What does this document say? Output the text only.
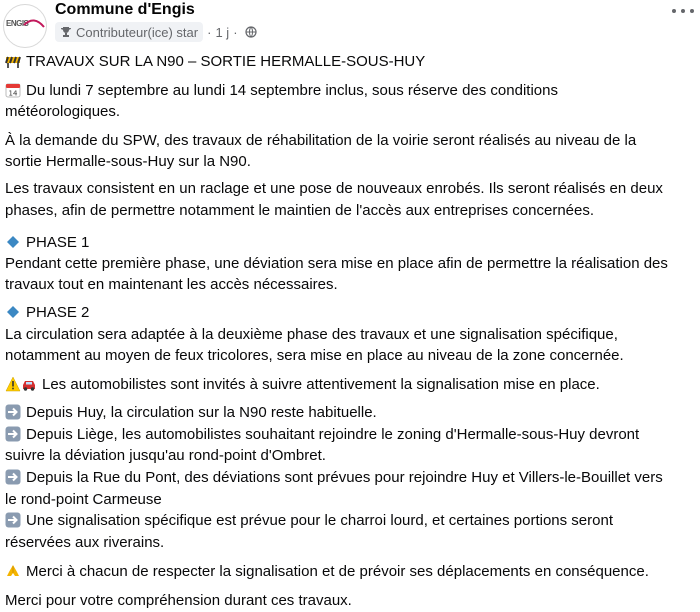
ENGIS
Commune d'Engis
Contributeur(ice) star · 1 j ·
TRAVAUX SUR LA N90 – SORTIE HERMALLE-SOUS-HUY
14 Du lundi 7 septembre au lundi 14 septembre inclus, sous réserve des conditions
météorologiques.
À la demande du SPW, des travaux de réhabilitation de la voirie seront réalisés au niveau de la
sortie Hermalle-sous-Huy sur la N90.
Les travaux consistent en un raclage et une pose de nouveaux enrobés. Ils seront réalisés en deux
phases, afin de permettre notamment le maintien de l'accès aux entreprises concernées.
PHASE 1
Pendant cette première phase, une déviation sera mise en place afin de permettre la réalisation des
travaux tout en maintenant les accès nécessaires.
PHASE 2
La circulation sera adaptée à la deuxième phase des travaux et une signalisation spécifique,
notamment au moyen de feux tricolores, sera mise en place au niveau de la zone concernée.
Les automobilistes sont invités à suivre attentivement la signalisation mise en place.
Depuis Huy, la circulation sur la N90 reste habituelle.
Depuis Liège, les automobilistes souhaitant rejoindre le zoning d'Hermalle-sous-Huy devront
suivre la déviation jusqu'au rond-point d'Ombret.
Depuis la Rue du Pont, des déviations sont prévues pour rejoindre Huy et Villers-le-Bouillet vers
le rond-point Carmeuse
Une signalisation spécifique est prévue pour le charroi lourd, et certaines portions seront
réservées aux riverains.
Merci à chacun de respecter la signalisation et de prévoir ses déplacements en conséquence.
Merci pour votre compréhension durant ces travaux.
